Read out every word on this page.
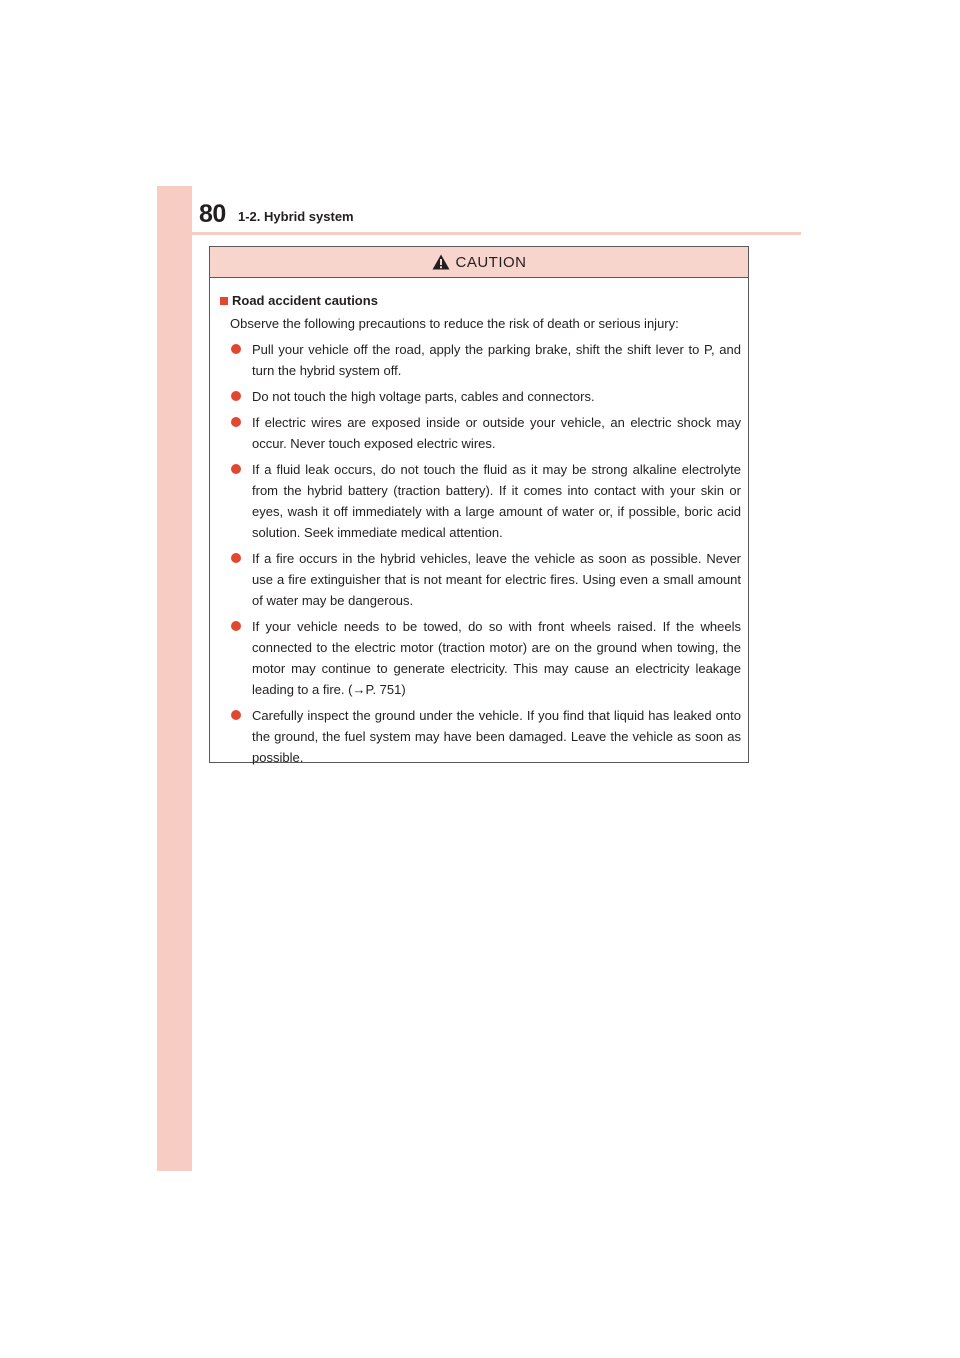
80 1-2. Hybrid system
CAUTION
Road accident cautions
Observe the following precautions to reduce the risk of death or serious injury:
Pull your vehicle off the road, apply the parking brake, shift the shift lever to P, and turn the hybrid system off.
Do not touch the high voltage parts, cables and connectors.
If electric wires are exposed inside or outside your vehicle, an electric shock may occur. Never touch exposed electric wires.
If a fluid leak occurs, do not touch the fluid as it may be strong alkaline electrolyte from the hybrid battery (traction battery). If it comes into contact with your skin or eyes, wash it off immediately with a large amount of water or, if possible, boric acid solution. Seek immediate medical attention.
If a fire occurs in the hybrid vehicles, leave the vehicle as soon as possible. Never use a fire extinguisher that is not meant for electric fires. Using even a small amount of water may be dangerous.
If your vehicle needs to be towed, do so with front wheels raised. If the wheels connected to the electric motor (traction motor) are on the ground when towing, the motor may continue to generate electricity. This may cause an electricity leakage leading to a fire. (→P. 751)
Carefully inspect the ground under the vehicle. If you find that liquid has leaked onto the ground, the fuel system may have been damaged. Leave the vehicle as soon as possible.
